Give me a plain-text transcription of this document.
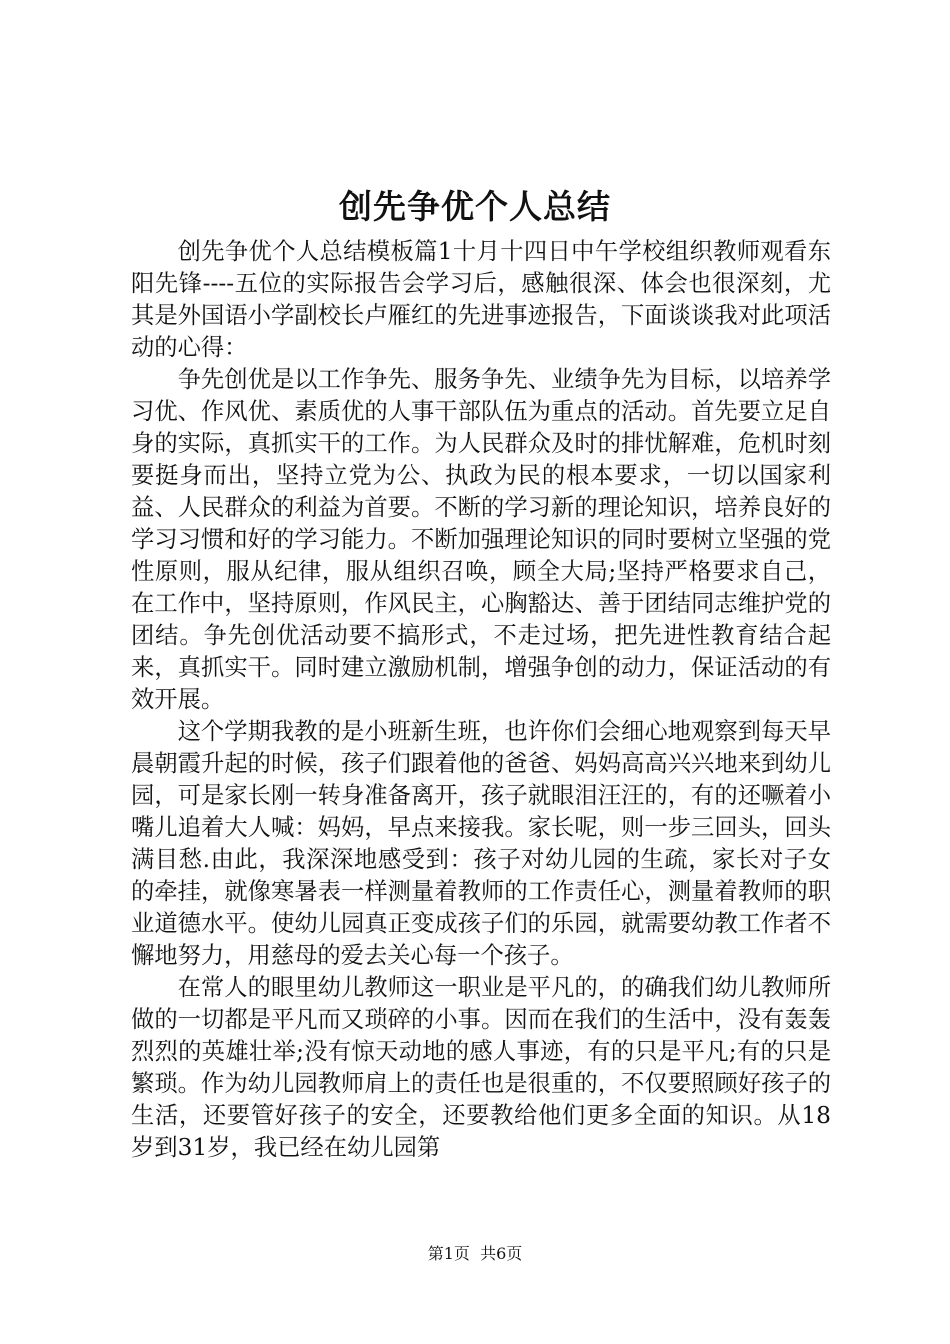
创先争优个人总结

创先争优个人总结模板篇1十月十四日中午学校组织教师观看东阳先锋----五位的实际报告会学习后，感触很深、体会也很深刻，尤其是外国语小学副校长卢雁红的先进事迹报告，下面谈谈我对此项活动的心得：

争先创优是以工作争先、服务争先、业绩争先为目标，以培养学习优、作风优、素质优的人事干部队伍为重点的活动。首先要立足自身的实际，真抓实干的工作。为人民群众及时的排忧解难，危机时刻要挺身而出，坚持立党为公、执政为民的根本要求，一切以国家利益、人民群众的利益为首要。不断的学习新的理论知识，培养良好的学习习惯和好的学习能力。不断加强理论知识的同时要树立坚强的党性原则，服从纪律，服从组织召唤，顾全大局;坚持严格要求自己，在工作中，坚持原则，作风民主，心胸豁达、善于团结同志维护党的团结。争先创优活动要不搞形式，不走过场，把先进性教育结合起来，真抓实干。同时建立激励机制，增强争创的动力，保证活动的有效开展。

这个学期我教的是小班新生班，也许你们会细心地观察到每天早晨朝霞升起的时候，孩子们跟着他的爸爸、妈妈高高兴兴地来到幼儿园，可是家长刚一转身准备离开，孩子就眼泪汪汪的，有的还噘着小嘴儿追着大人喊：妈妈，早点来接我。家长呢，则一步三回头，回头满目愁.由此，我深深地感受到：孩子对幼儿园的生疏，家长对子女的牵挂，就像寒暑表一样测量着教师的工作责任心，测量着教师的职业道德水平。使幼儿园真正变成孩子们的乐园，就需要幼教工作者不懈地努力，用慈母的爱去关心每一个孩子。

在常人的眼里幼儿教师这一职业是平凡的，的确我们幼儿教师所做的一切都是平凡而又琐碎的小事。因而在我们的生活中，没有轰轰烈烈的英雄壮举;没有惊天动地的感人事迹，有的只是平凡;有的只是繁琐。作为幼儿园教师肩上的责任也是很重的，不仅要照顾好孩子的生活，还要管好孩子的安全，还要教给他们更多全面的知识。从18岁到31岁，我已经在幼儿园第

第1页 共6页
